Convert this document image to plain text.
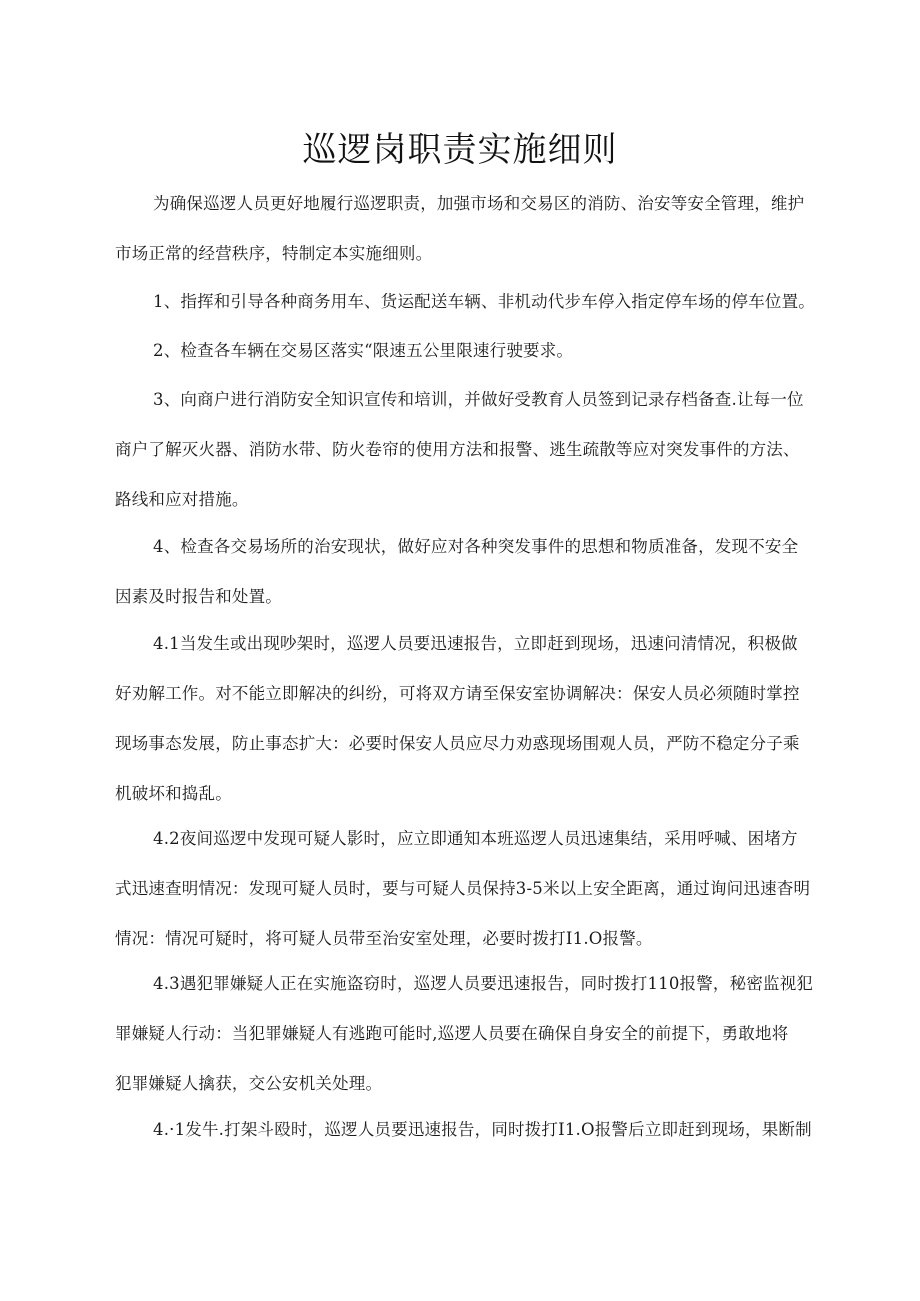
巡逻岗职责实施细则

为确保巡逻人员更好地履行巡逻职责，加强市场和交易区的消防、治安等安全管理，维护
市场正常的经营秩序，特制定本实施细则。

1、指挥和引导各种商务用车、货运配送车辆、非机动代步车停入指定停车场的停车位置。

2、检查各车辆在交易区落实“限速五公里限速行驶要求。

3、向商户进行消防安全知识宣传和培训，并做好受教育人员签到记录存档备查.让每一位
商户了解灭火器、消防水带、防火卷帘的使用方法和报警、逃生疏散等应对突发事件的方法、
路线和应对措施。

4、检查各交易场所的治安现状，做好应对各种突发事件的思想和物质准备，发现不安全
因素及时报告和处置。

4.1当发生或出现吵架时，巡逻人员要迅速报告，立即赶到现场，迅速问清情况，积极做
好劝解工作。对不能立即解决的纠纷，可将双方请至保安室协调解决：保安人员必须随时掌控
现场事态发展，防止事态扩大：必要时保安人员应尽力劝惑现场围观人员，严防不稳定分子乘
机破坏和捣乱。

4.2夜间巡逻中发现可疑人影时，应立即通知本班巡逻人员迅速集结，采用呼喊、困堵方
式迅速查明情况：发现可疑人员时，要与可疑人员保持3-5米以上安全距离，通过询问迅速杳明
情况：情况可疑时，将可疑人员带至治安室处理，必要时拨打I1.O报警。

4.3遇犯罪嫌疑人正在实施盗窃时，巡逻人员要迅速报告，同时拨打110报警，秘密监视犯
罪嫌疑人行动：当犯罪嫌疑人有逃跑可能时,巡逻人员要在确保自身安全的前提下，勇敢地将
犯罪嫌疑人擒获，交公安机关处理。

4.·1发牛.打架斗殴时，巡逻人员要迅速报告，同时拨打I1.O报警后立即赶到现场，果断制
